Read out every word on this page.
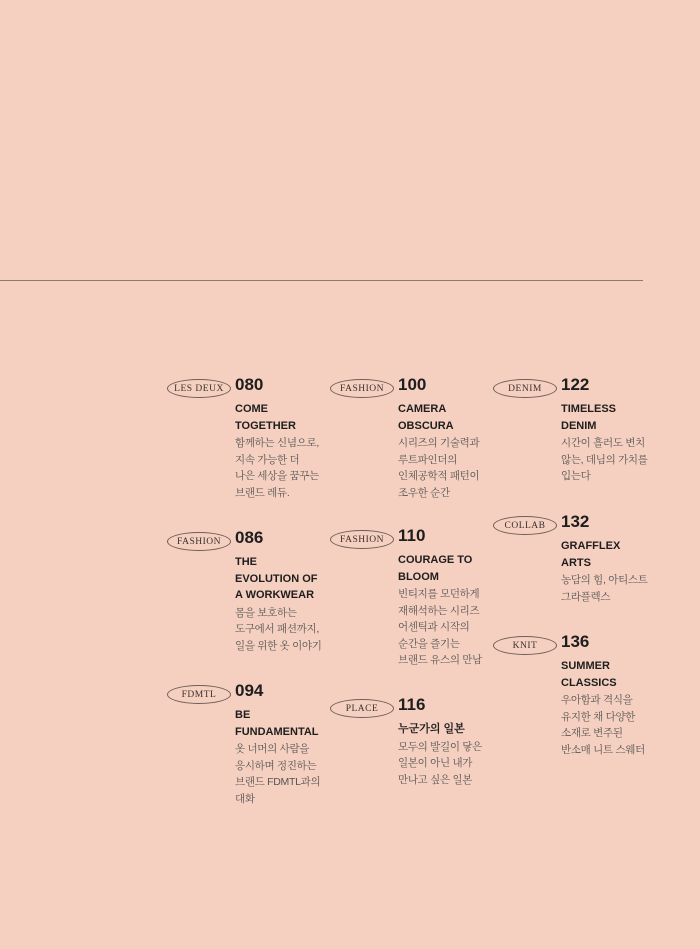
LES DEUX 080
COME
TOGETHER
함께하는 신념으로,
지속 가능한 더
나은 세상을 꿈꾸는
브랜드 레듀.
FASHION 086
THE
EVOLUTION OF
A WORKWEAR
몸을 보호하는
도구에서 패션까지,
일을 위한 옷 이야기
FDMTL	094
BE
FUNDAMENTAL
옷 너머의 사람을
응시하며 정진하는
브랜드 FDMTL과의
대화
FASHION 100
CAMERA
OBSCURA
시리즈의 기술력과
루트파인더의
인체공학적 패턴이
조우한 순간
FASHION 110
COURAGE TO
BLOOM
빈티지를 모던하게
재해석하는 시리즈
어센틱과 시작의
순간을 즐기는
브랜드 유스의 만남
PLACE	116
누군가의 일본
모두의 발길이 닿은
일본이 아닌 내가
만나고 싶은 일본
DENIM	122
TIMELESS
DENIM
시간이 흘러도 변치
않는, 데님의 가치를
입는다
COLLAB 132
GRAFFLEX
ARTS
농담의 힘, 아티스트
그라플렉스
KNIT	136
SUMMER
CLASSICS
우아함과 격식을
유지한 채 다양한
소재로 변주된
반소매 니트 스웨터
